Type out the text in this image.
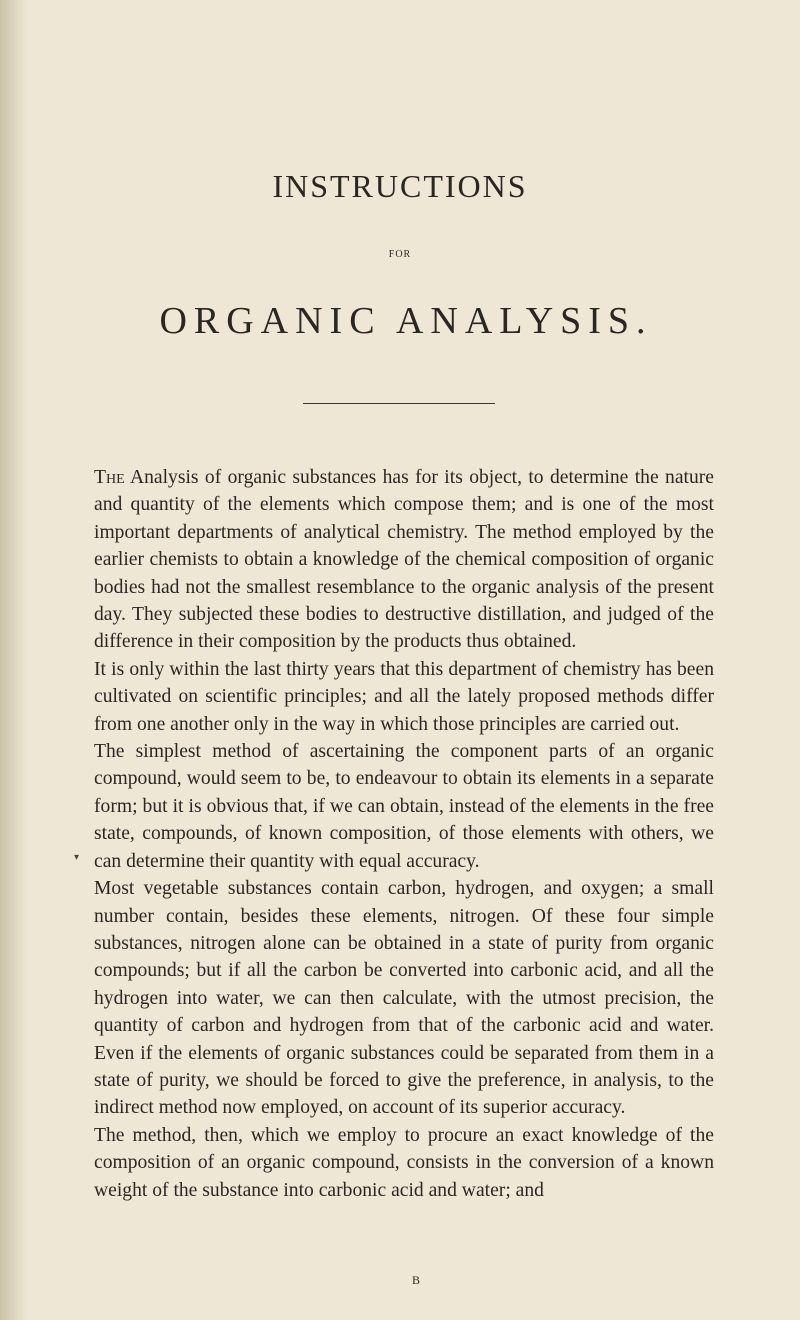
INSTRUCTIONS
FOR
ORGANIC ANALYSIS.

The Analysis of organic substances has for its object, to determine the nature and quantity of the elements which compose them; and is one of the most important departments of analytical chemistry. The method employed by the earlier chemists to obtain a knowledge of the chemical composition of organic bodies had not the smallest resemblance to the organic analysis of the present day. They subjected these bodies to destructive distillation, and judged of the difference in their composition by the products thus obtained.

It is only within the last thirty years that this department of chemistry has been cultivated on scientific principles; and all the lately proposed methods differ from one another only in the way in which those principles are carried out.

The simplest method of ascertaining the component parts of an organic compound, would seem to be, to endeavour to obtain its elements in a separate form; but it is obvious that, if we can obtain, instead of the elements in the free state, compounds, of known composition, of those elements with others, we can determine their quantity with equal accuracy.

Most vegetable substances contain carbon, hydrogen, and oxygen; a small number contain, besides these elements, nitrogen. Of these four simple substances, nitrogen alone can be obtained in a state of purity from organic compounds; but if all the carbon be converted into carbonic acid, and all the hydrogen into water, we can then calculate, with the utmost precision, the quantity of carbon and hydrogen from that of the carbonic acid and water. Even if the elements of organic substances could be separated from them in a state of purity, we should be forced to give the preference, in analysis, to the indirect method now employed, on account of its superior accuracy.

The method, then, which we employ to procure an exact knowledge of the composition of an organic compound, consists in the conversion of a known weight of the substance into carbonic acid and water; and

▾
B
